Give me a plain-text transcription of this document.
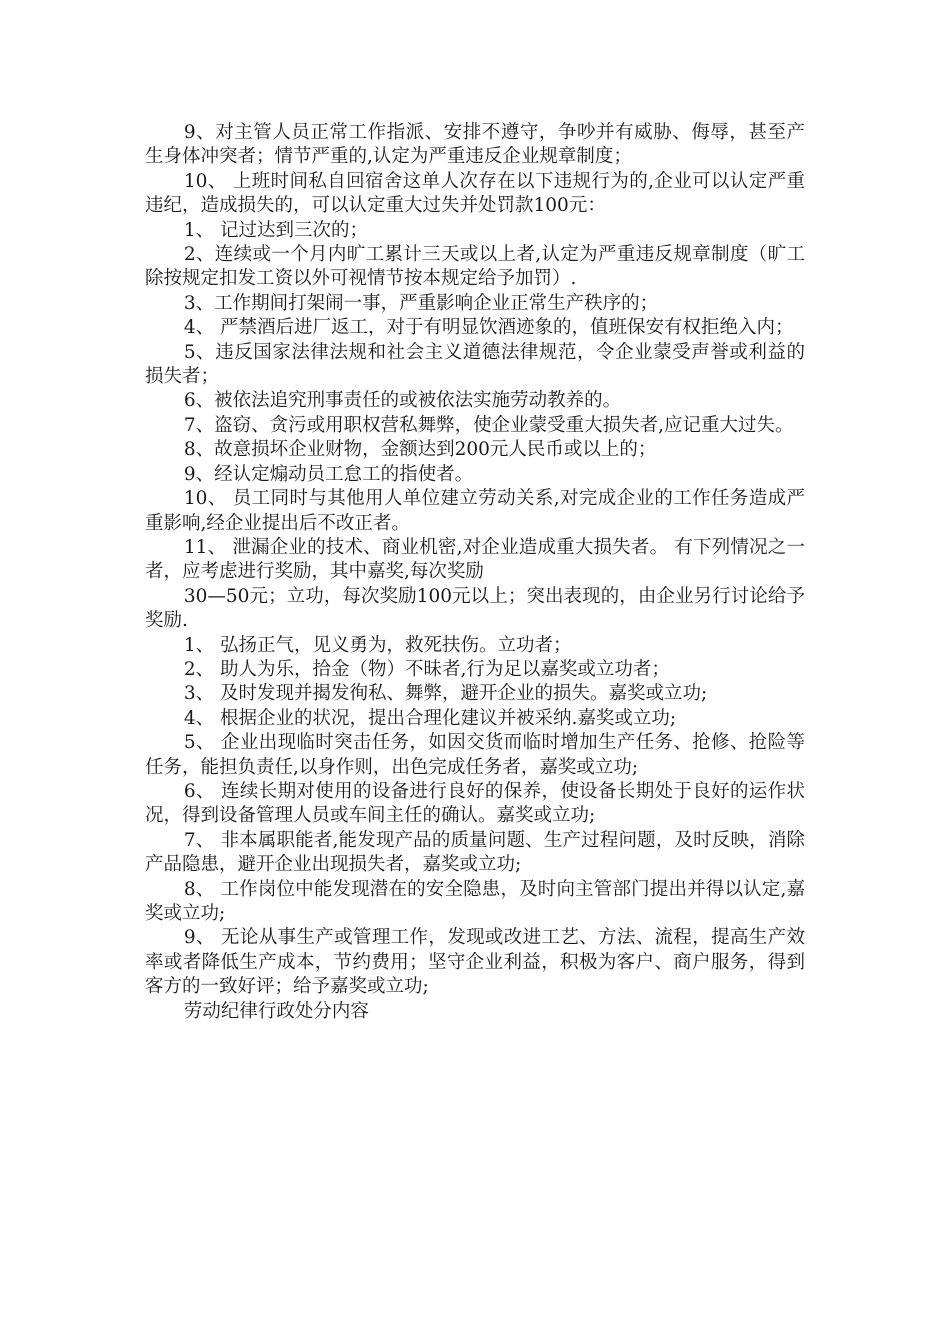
9、对主管人员正常工作指派、安排不遵守，争吵并有威胁、侮辱，甚至产生身体冲突者；情节严重的,认定为严重违反企业规章制度；

10、 上班时间私自回宿舍这单人次存在以下违规行为的,企业可以认定严重违纪，造成损失的，可以认定重大过失并处罚款100元：

1、 记过达到三次的；

2、连续或一个月内旷工累计三天或以上者,认定为严重违反规章制度（旷工除按规定扣发工资以外可视情节按本规定给予加罚）.

3、工作期间打架闹一事，严重影响企业正常生产秩序的；

4、 严禁酒后进厂返工，对于有明显饮酒迹象的，值班保安有权拒绝入内；

5、违反国家法律法规和社会主义道德法律规范，令企业蒙受声誉或利益的损失者；

6、被依法追究刑事责任的或被依法实施劳动教养的。

7、盗窃、贪污或用职权营私舞弊，使企业蒙受重大损失者,应记重大过失。

8、故意损坏企业财物，金额达到200元人民币或以上的；

9、经认定煽动员工怠工的指使者。

10、 员工同时与其他用人单位建立劳动关系,对完成企业的工作任务造成严重影响,经企业提出后不改正者。

11、 泄漏企业的技术、商业机密,对企业造成重大损失者。 有下列情况之一者，应考虑进行奖励，其中嘉奖,每次奖励

30—50元；立功，每次奖励100元以上；突出表现的，由企业另行讨论给予奖励.

1、 弘扬正气，见义勇为，救死扶伤。立功者；

2、 助人为乐，拾金（物）不昧者,行为足以嘉奖或立功者；

3、 及时发现并揭发徇私、舞弊，避开企业的损失。嘉奖或立功;

4、 根据企业的状况，提出合理化建议并被采纳.嘉奖或立功;

5、 企业出现临时突击任务，如因交货而临时增加生产任务、抢修、抢险等任务，能担负责任,以身作则，出色完成任务者，嘉奖或立功;

6、 连续长期对使用的设备进行良好的保养，使设备长期处于良好的运作状况，得到设备管理人员或车间主任的确认。嘉奖或立功;

7、 非本属职能者,能发现产品的质量问题、生产过程问题，及时反映，消除产品隐患，避开企业出现损失者，嘉奖或立功;

8、 工作岗位中能发现潜在的安全隐患，及时向主管部门提出并得以认定,嘉奖或立功;

9、 无论从事生产或管理工作，发现或改进工艺、方法、流程，提高生产效率或者降低生产成本，节约费用；坚守企业利益，积极为客户、商户服务，得到客方的一致好评；给予嘉奖或立功;

劳动纪律行政处分内容
